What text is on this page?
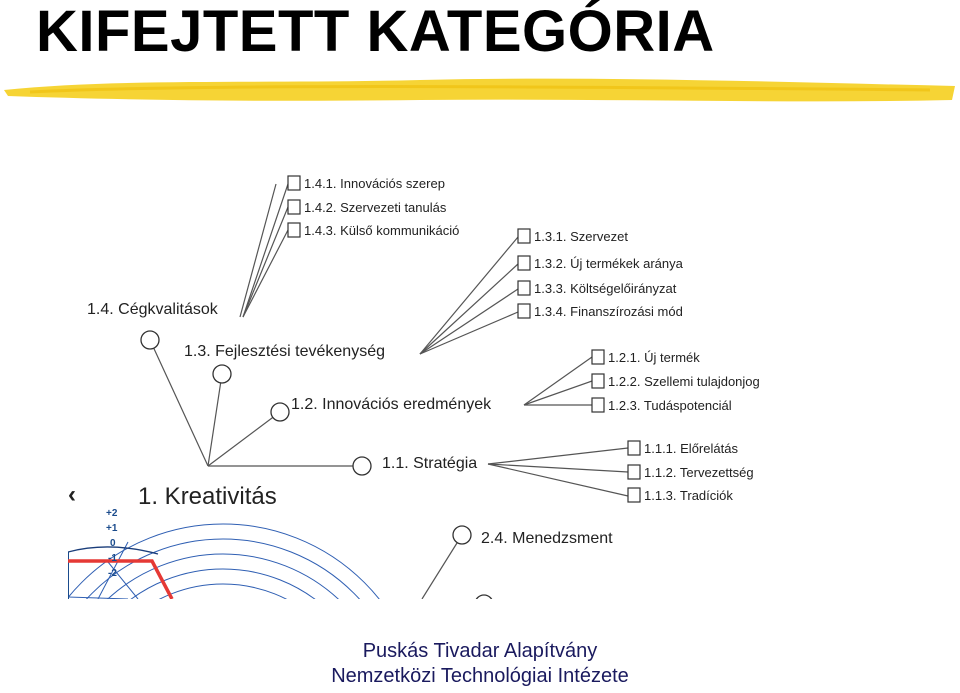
KIFEJTETT KATEGÓRIA
1.4.1. Innovációs szerep
1.4.2. Szervezeti tanulás
1.4.3. Külső kommunikáció	1.3.1. Szervezet
1.3.2. Új termékek aránya
1.3.3. Költségelőirányzat
1.3.4. Finanszírozási mód
1.2.1. Új termék
1.2.2. Szellemi tulajdonjog
1.2.3. Tudáspotenciál
1.1.1. Előrelátás
1.1.2. Tervezettség
1.1.3. Tradíciók
1.4. Cégkvalitások
1.3. Fejlesztési tevékenység
1.2. Innovációs eredmények
1.1. Stratégia
2.4. Menedzsment
1. Kreativitás
‹
+2
+1
0
-1
-2
Puskás Tivadar Alapítvány
Nemzetközi Technológiai Intézete
